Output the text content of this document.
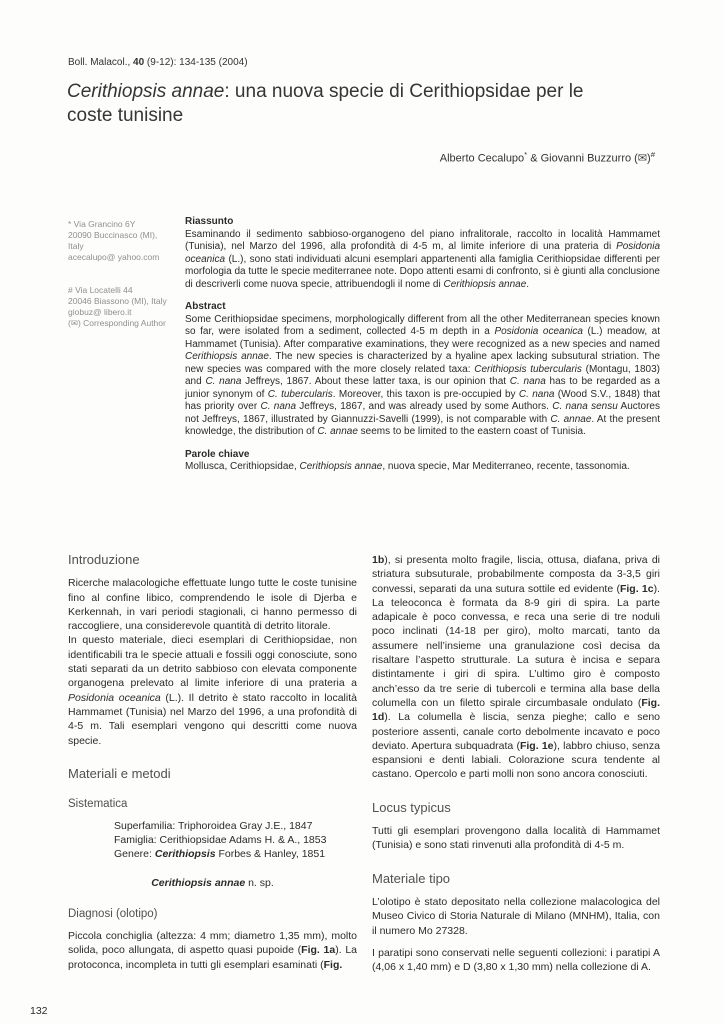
Boll. Malacol., 40 (9-12): 134-135 (2004)
Cerithiopsis annae: una nuova specie di Cerithiopsidae per le coste tunisine
Alberto Cecalupo* & Giovanni Buzzurro (✉)#
* Via Grancino 6Y
20090 Buccinasco (MI),
Italy
acecalupo@ yahoo.com
# Via Locatelli 44
20046 Biassono (MI), Italy
giobuz@ libero.it
(✉) Corresponding Author
Riassunto

Esaminando il sedimento sabbioso-organogeno del piano infralitorale, raccolto in località Hammamet (Tunisia), nel Marzo del 1996, alla profondità di 4-5 m, al limite inferiore di una prateria di Posidonia oceanica (L.), sono stati individuati alcuni esemplari appartenenti alla famiglia Cerithiopsidae differenti per morfologia da tutte le specie mediterranee note. Dopo attenti esami di confronto, si è giunti alla conclusione di descriverli come nuova specie, attribuendogli il nome di Cerithiopsis annae.

Abstract

Some Cerithiopsidae specimens, morphologically different from all the other Mediterranean species known so far, were isolated from a sediment, collected 4-5 m depth in a Posidonia oceanica (L.) meadow, at Hammamet (Tunisia). After comparative examinations, they were recognized as a new species and named Cerithiopsis annae. The new species is characterized by a hyaline apex lacking subsutural striation. The new species was compared with the more closely related taxa: Cerithiopsis tubercularis (Montagu, 1803) and C. nana Jeffreys, 1867. About these latter taxa, is our opinion that C. nana has to be regarded as a junior synonym of C. tubercularis. Moreover, this taxon is pre-occupied by C. nana (Wood S.V., 1848) that has priority over C. nana Jeffreys, 1867, and was already used by some Authors. C. nana sensu Auctores not Jeffreys, 1867, illustrated by Giannuzzi-Savelli (1999), is not comparable with C. annae. At the present knowledge, the distribution of C. annae seems to be limited to the eastern coast of Tunisia.

Parole chiave

Mollusca, Cerithiopsidae, Cerithiopsis annae, nuova specie, Mar Mediterraneo, recente, tassonomia.

Introduzione

Ricerche malacologiche effettuate lungo tutte le coste tunisine fino al confine libico, comprendendo le isole di Djerba e Kerkennah, in vari periodi stagionali, ci hanno permesso di raccogliere, una considerevole quantità di detrito litorale.

In questo materiale, dieci esemplari di Cerithiopsidae, non identificabili tra le specie attuali e fossili oggi conosciute, sono stati separati da un detrito sabbioso con elevata componente organogena prelevato al limite inferiore di una prateria a Posidonia oceanica (L.). Il detrito è stato raccolto in località Hammamet (Tunisia) nel Marzo del 1996, a una profondità di 4-5 m. Tali esemplari vengono qui descritti come nuova specie.

Materiali e metodi
Sistematica
Superfamilia: Triphoroidea Gray J.E., 1847
Famiglia: Cerithiopsidae Adams H. & A., 1853
Genere: Cerithiopsis Forbes & Hanley, 1851
Cerithiopsis annae n. sp.
Diagnosi (olotipo)

Piccola conchiglia (altezza: 4 mm; diametro 1,35 mm), molto solida, poco allungata, di aspetto quasi pupoide (Fig. 1a). La protoconca, incompleta in tutti gli esemplari esaminati (Fig.

1b), si presenta molto fragile, liscia, ottusa, diafana, priva di striatura subsuturale, probabilmente composta da 3-3,5 giri convessi, separati da una sutura sottile ed evidente (Fig. 1c). La teleoconca è formata da 8-9 giri di spira. La parte adapicale è poco convessa, e reca una serie di tre noduli poco inclinati (14-18 per giro), molto marcati, tanto da assumere nell’insieme una granulazione così decisa da risaltare l’aspetto strutturale. La sutura è incisa e separa distintamente i giri di spira. L’ultimo giro è composto anch’esso da tre serie di tubercoli e termina alla base della columella con un filetto spirale circumbasale ondulato (Fig. 1d). La columella è liscia, senza pieghe; callo e seno posteriore assenti, canale corto debolmente incavato e poco deviato. Apertura subquadrata (Fig. 1e), labbro chiuso, senza espansioni e denti labiali. Colorazione scura tendente al castano. Opercolo e parti molli non sono ancora conosciuti.

Locus typicus

Tutti gli esemplari provengono dalla località di Hammamet (Tunisia) e sono stati rinvenuti alla profondità di 4-5 m.

Materiale tipo

L’olotipo è stato depositato nella collezione malacologica del Museo Civico di Storia Naturale di Milano (MNHM), Italia, con il numero Mo 27328.

I paratipi sono conservati nelle seguenti collezioni: i paratipi A (4,06 x 1,40 mm) e D (3,80 x 1,30 mm) nella collezione di A.

132
